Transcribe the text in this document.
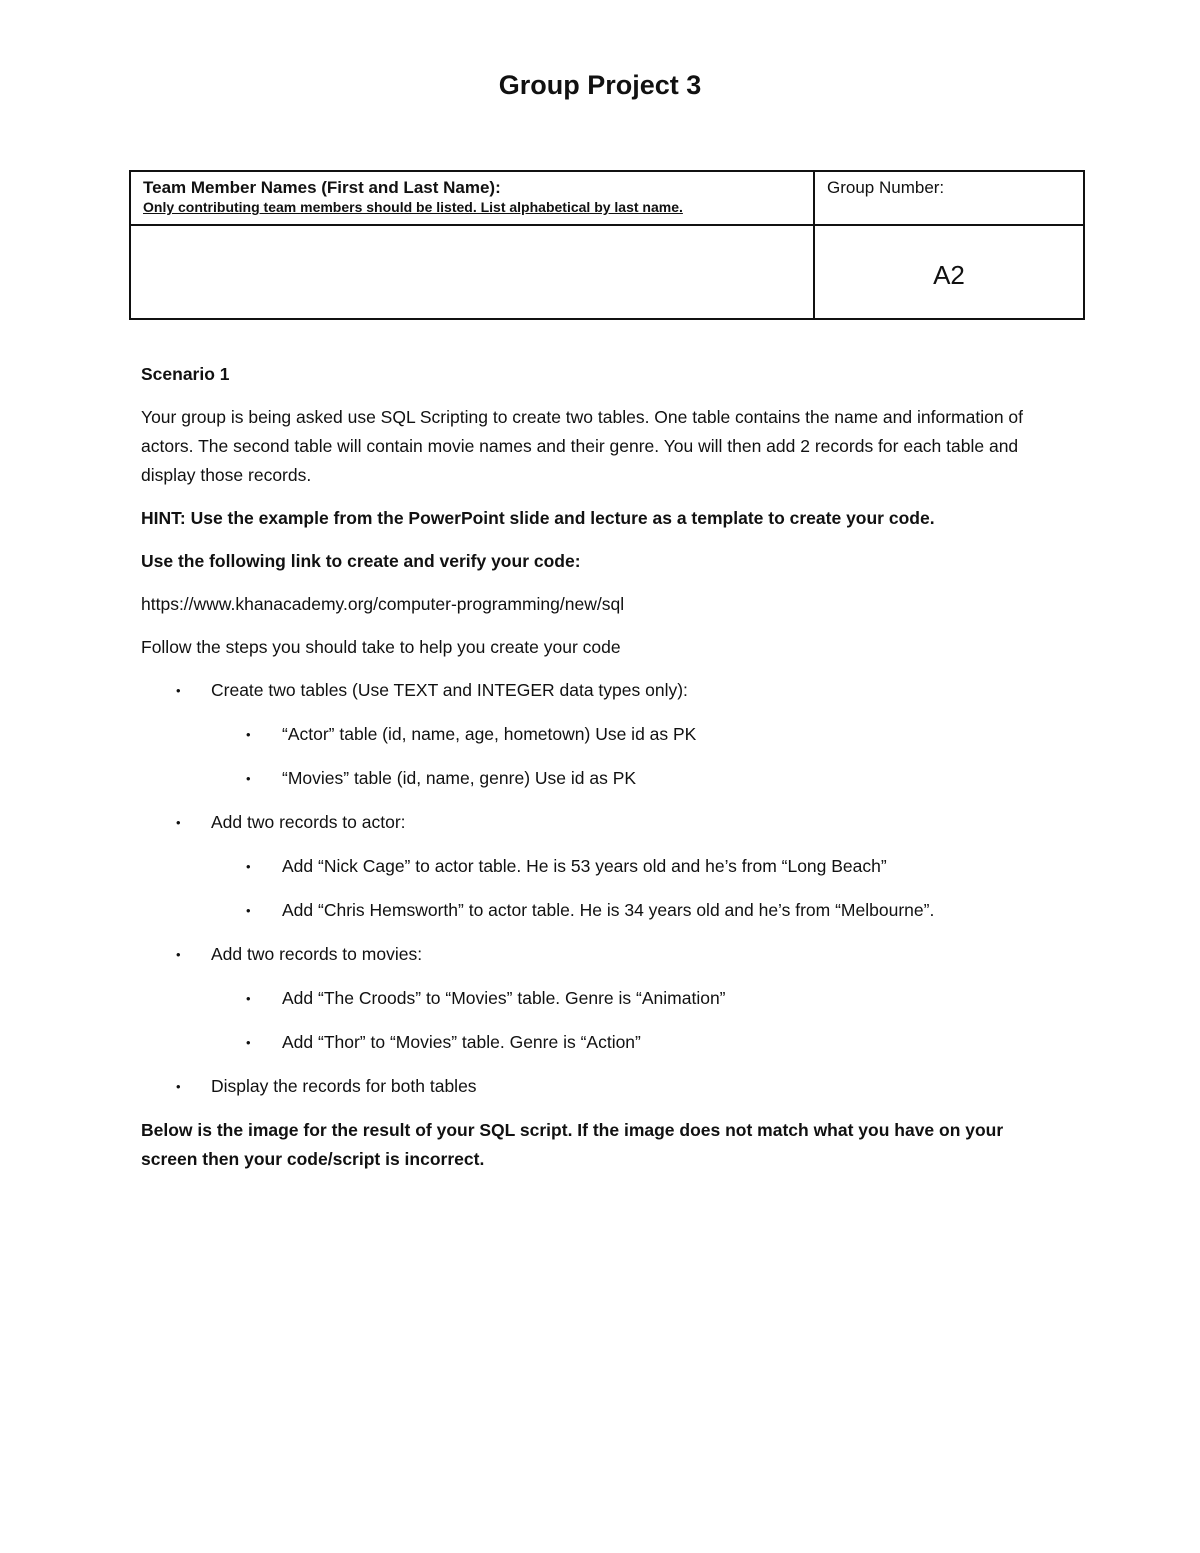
Group Project 3
Team Member Names (First and Last Name):
Only contributing team members should be listed. List alphabetical by last name.	Group Number:

	A2

Scenario 1

Your group is being asked use SQL Scripting to create two tables. One table contains the name and information of actors. The second table will contain movie names and their genre. You will then add 2 records for each table and display those records.

HINT: Use the example from the PowerPoint slide and lecture as a template to create your code.

Use the following link to create and verify your code:

https://www.khanacademy.org/computer-programming/new/sql

Follow the steps you should take to help you create your code

• Create two tables (Use TEXT and INTEGER data types only):
• “Actor” table (id, name, age, hometown) Use id as PK
• “Movies” table (id, name, genre) Use id as PK
• Add two records to actor:
• Add “Nick Cage” to actor table. He is 53 years old and he’s from “Long Beach”
• Add “Chris Hemsworth” to actor table. He is 34 years old and he’s from “Melbourne”.
• Add two records to movies:
• Add “The Croods” to “Movies” table. Genre is “Animation”
• Add “Thor” to “Movies” table. Genre is “Action”
• Display the records for both tables

Below is the image for the result of your SQL script. If the image does not match what you have on your screen then your code/script is incorrect.
